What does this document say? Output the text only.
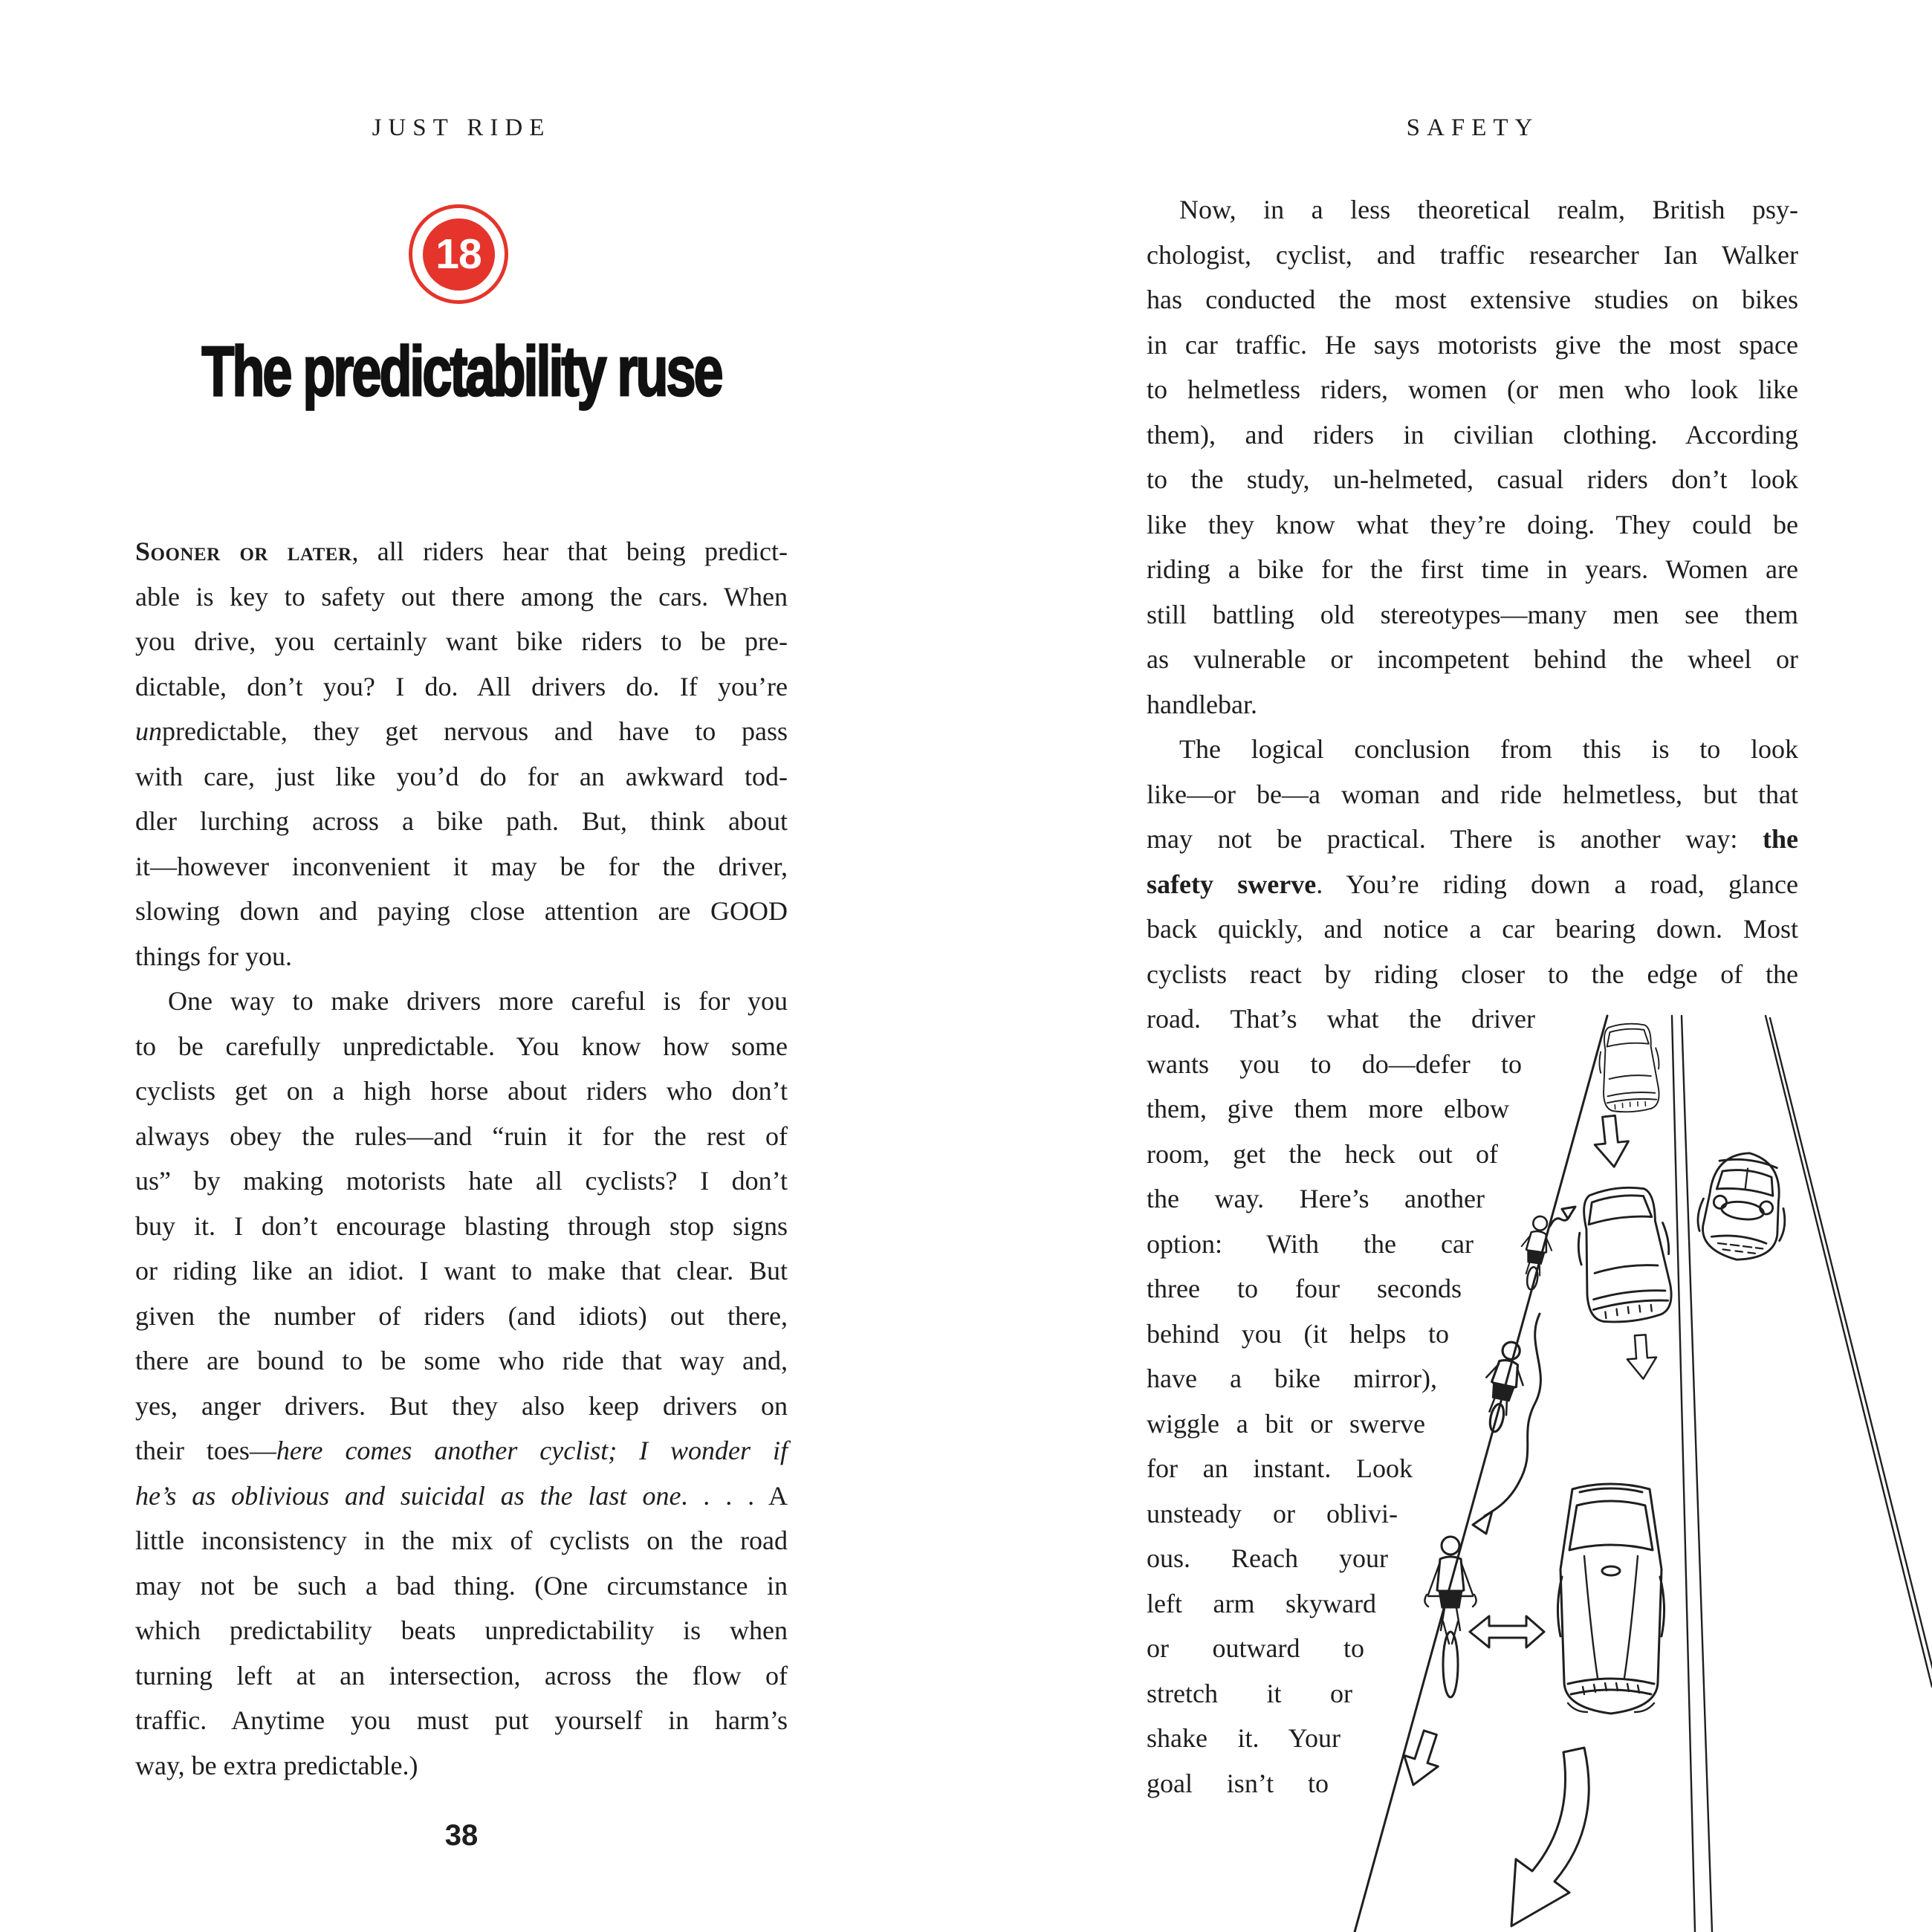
JUST RIDE	SAFETY
18
The predictability ruse
Sooner or later, all riders hear that being predict-
able is key to safety out there among the cars. When
you drive, you certainly want bike riders to be pre-
dictable, don’t you? I do. All drivers do. If you’re
unpredictable, they get nervous and have to pass
with care, just like you’d do for an awkward tod-
dler lurching across a bike path. But, think about
it—however inconvenient it may be for the driver,
slowing down and paying close attention are GOOD
things for you.
One way to make drivers more careful is for you
to be carefully unpredictable. You know how some
cyclists get on a high horse about riders who don’t
always obey the rules—and “ruin it for the rest of
us” by making motorists hate all cyclists? I don’t
buy it. I don’t encourage blasting through stop signs
or riding like an idiot. I want to make that clear. But
given the number of riders (and idiots) out there,
there are bound to be some who ride that way and,
yes, anger drivers. But they also keep drivers on
their toes—here comes another cyclist; I wonder if
he’s as oblivious and suicidal as the last one. . . . A
little inconsistency in the mix of cyclists on the road
may not be such a bad thing. (One circumstance in
which predictability beats unpredictability is when
turning left at an intersection, across the flow of
traffic. Anytime you must put yourself in harm’s
way, be extra predictable.)
Now, in a less theoretical realm, British psy-
chologist, cyclist, and traffic researcher Ian Walker
has conducted the most extensive studies on bikes
in car traffic. He says motorists give the most space
to helmetless riders, women (or men who look like
them), and riders in civilian clothing. According
to the study, un-helmeted, casual riders don’t look
like they know what they’re doing. They could be
riding a bike for the first time in years. Women are
still battling old stereotypes—many men see them
as vulnerable or incompetent behind the wheel or
handlebar.
The logical conclusion from this is to look
like—or be—a woman and ride helmetless, but that
may not be practical. There is another way: the
safety swerve. You’re riding down a road, glance
back quickly, and notice a car bearing down. Most
cyclists react by riding closer to the edge of the
road. That’s what the driver
wants you to do—defer to
them, give them more elbow
room, get the heck out of
the way. Here’s another
option: With the car
three to four seconds
behind you (it helps to
have a bike mirror),
wiggle a bit or swerve
for an instant. Look
unsteady or oblivi-
ous. Reach your
left arm skyward
or outward to
stretch it or
shake it. Your
goal isn’t to
38
